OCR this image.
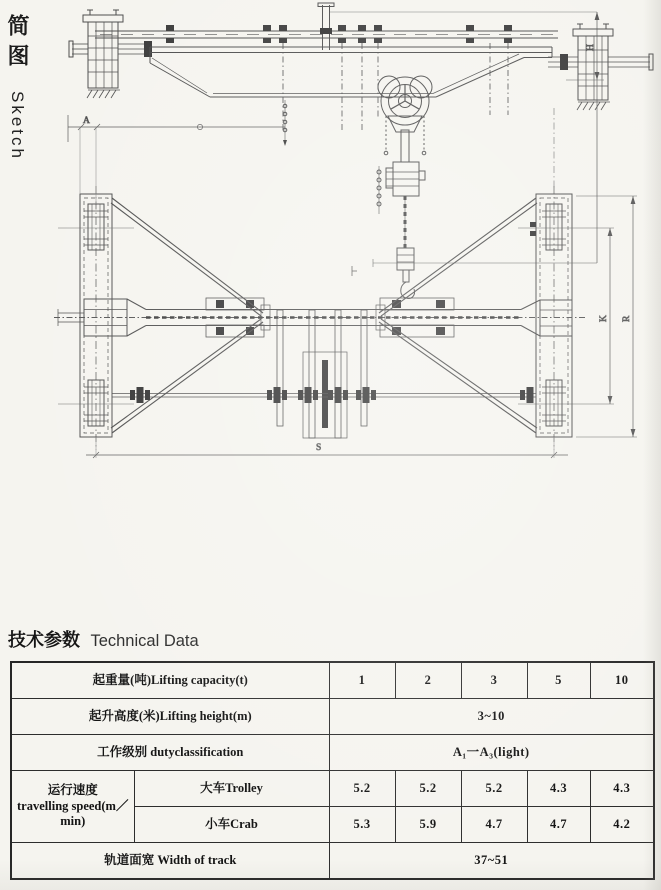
简图 Sketch	A
H
K R
S
技术参数 Technical Data
起重量(吨)Lifting capacity(t)		1	2	3	5	10
起升高度(米)Lifting height(m)		3~10				
工作级别 dutyclassification		A₁一A₃(light)				

运行速度
travelling speed(m／min)	大车Trolley	5.2	5.2	5.2	4.3	4.3
	小车Crab	5.3	5.9	4.7	4.7	4.2
轨道面宽 Width of track		37~51				
